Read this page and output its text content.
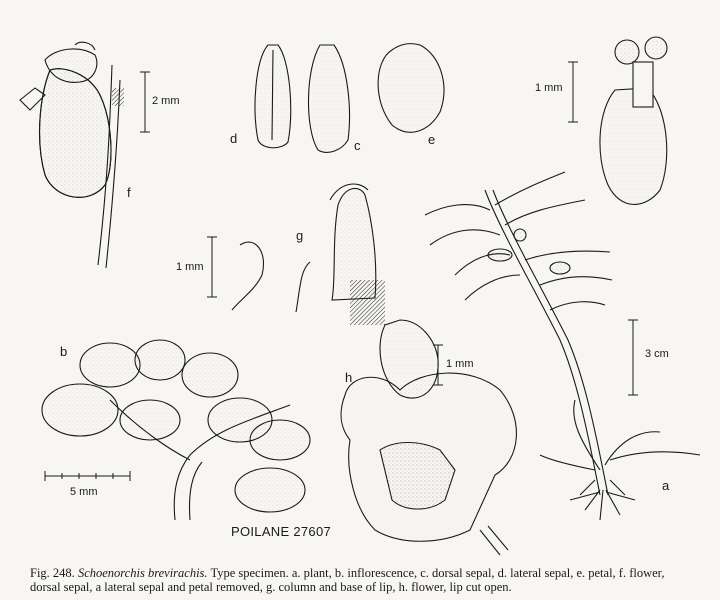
f
d	c	e
g
b
h
a
2 mm
1 mm
1 mm
1 mm
3 cm
5 mm
POILANE 27607
Fig. 248. Schoenorchis brevirachis. Type specimen. a. plant, b. inflorescence, c. dorsal sepal, d. lateral sepal, e. petal, f. flower,
dorsal sepal, a lateral sepal and petal removed, g. column and base of lip, h. flower, lip cut open.
